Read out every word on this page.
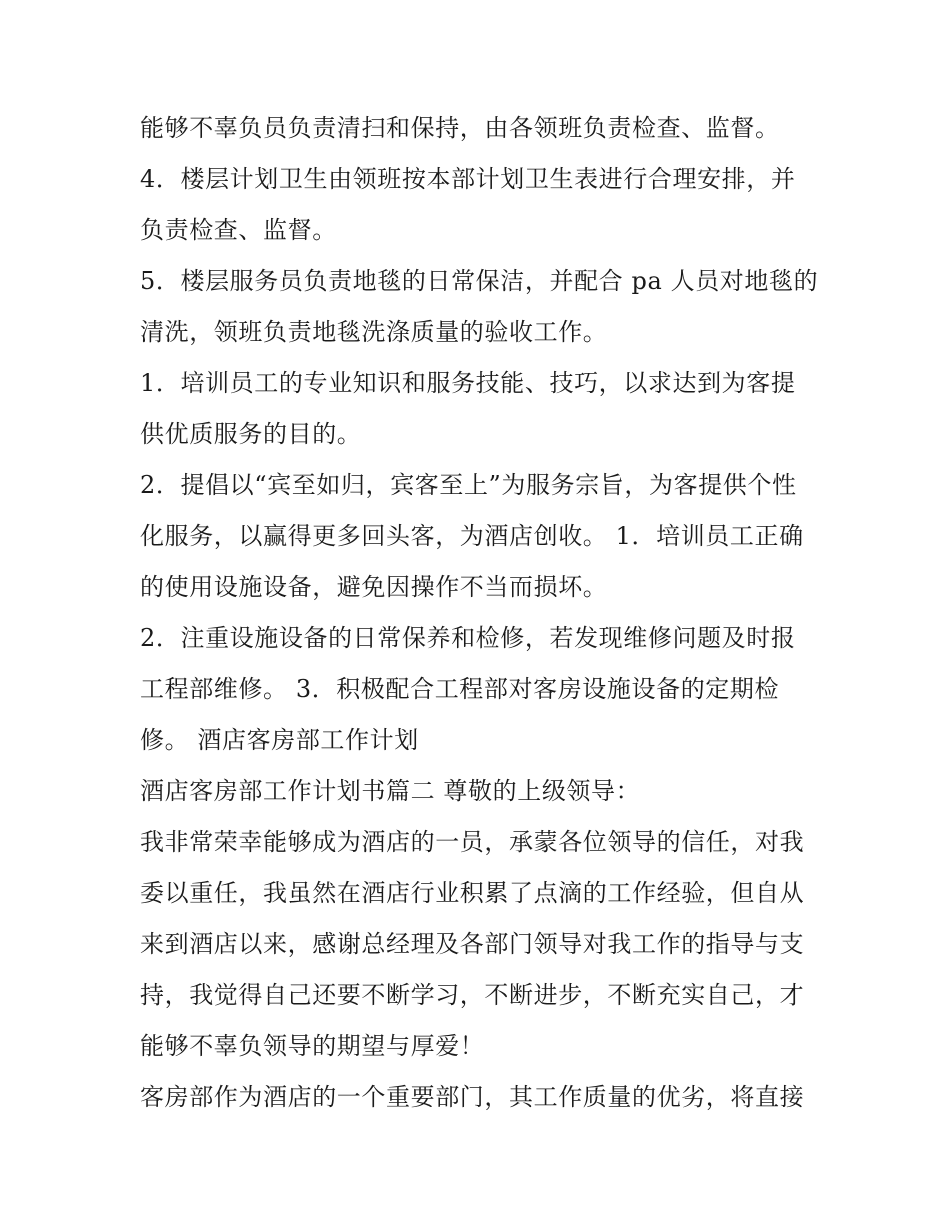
能够不辜负员负责清扫和保持，由各领班负责检查、监督。
4．楼层计划卫生由领班按本部计划卫生表进行合理安排，并
负责检查、监督。
5．楼层服务员负责地毯的日常保洁，并配合 pa 人员对地毯的
清洗，领班负责地毯洗涤质量的验收工作。
1．培训员工的专业知识和服务技能、技巧，以求达到为客提
供优质服务的目的。
2．提倡以“宾至如归，宾客至上”为服务宗旨，为客提供个性
化服务，以赢得更多回头客，为酒店创收。 1．培训员工正确
的使用设施设备，避免因操作不当而损坏。
2．注重设施设备的日常保养和检修，若发现维修问题及时报
工程部维修。 3．积极配合工程部对客房设施设备的定期检
修。 酒店客房部工作计划
酒店客房部工作计划书篇二 尊敬的上级领导：
我非常荣幸能够成为酒店的一员，承蒙各位领导的信任，对我
委以重任，我虽然在酒店行业积累了点滴的工作经验，但自从
来到酒店以来，感谢总经理及各部门领导对我工作的指导与支
持，我觉得自己还要不断学习，不断进步，不断充实自己，才
能够不辜负领导的期望与厚爱！
客房部作为酒店的一个重要部门，其工作质量的优劣，将直接
